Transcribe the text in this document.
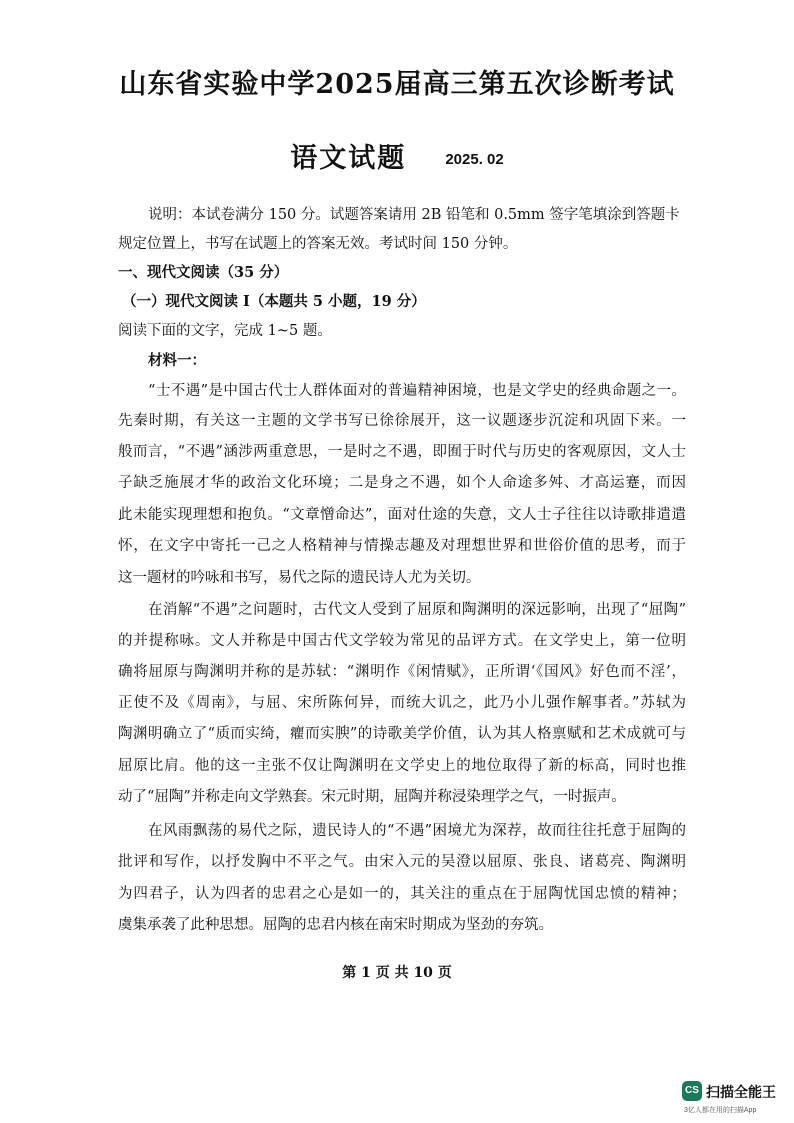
山东省实验中学2025届高三第五次诊断考试
语文试题	2025. 02

说明：本试卷满分 150 分。试题答案请用 2B 铅笔和 0.5mm 签字笔填涂到答题卡

规定位置上，书写在试题上的答案无效。考试时间 150 分钟。

一、现代文阅读（35 分）

（一）现代文阅读 I（本题共 5 小题，19 分）

阅读下面的文字，完成 1~5 题。

材料一：

“士不遇”是中国古代士人群体面对的普遍精神困境，也是文学史的经典命题之一。

先秦时期，有关这一主题的文学书写已徐徐展开，这一议题逐步沉淀和巩固下来。一

般而言，“不遇”涵涉两重意思，一是时之不遇，即囿于时代与历史的客观原因，文人士

子缺乏施展才华的政治文化环境；二是身之不遇，如个人命途多舛、才高运蹇，而因

此未能实现理想和抱负。“文章憎命达”，面对仕途的失意，文人士子往往以诗歌排遣遣

怀，在文字中寄托一己之人格精神与情操志趣及对理想世界和世俗价值的思考，而于

这一题材的吟咏和书写，易代之际的遗民诗人尤为关切。

在消解“不遇”之问题时，古代文人受到了屈原和陶渊明的深远影响，出现了“屈陶”

的并提称咏。文人并称是中国古代文学较为常见的品评方式。在文学史上，第一位明

确将屈原与陶渊明并称的是苏轼：“渊明作《闲情赋》，正所谓‘《国风》好色而不淫’，

正使不及《周南》，与屈、宋所陈何异，而统大讥之，此乃小儿强作解事者。”苏轼为

陶渊明确立了“质而实绮，癯而实腴”的诗歌美学价值，认为其人格禀赋和艺术成就可与

屈原比肩。他的这一主张不仅让陶渊明在文学史上的地位取得了新的标高，同时也推

动了“屈陶”并称走向文学熟套。宋元时期，屈陶并称浸染理学之气，一时振声。

在风雨飘荡的易代之际，遗民诗人的“不遇”困境尤为深荐，故而往往托意于屈陶的

批评和写作，以抒发胸中不平之气。由宋入元的吴澄以屈原、张良、诸葛亮、陶渊明

为四君子，认为四者的忠君之心是如一的，其关注的重点在于屈陶忧国忠愤的精神；

虞集承袭了此种思想。屈陶的忠君内核在南宋时期成为坚劲的夯筑。

第 1 页 共 10 页

CS 扫描全能王
3亿人都在用的扫描App
